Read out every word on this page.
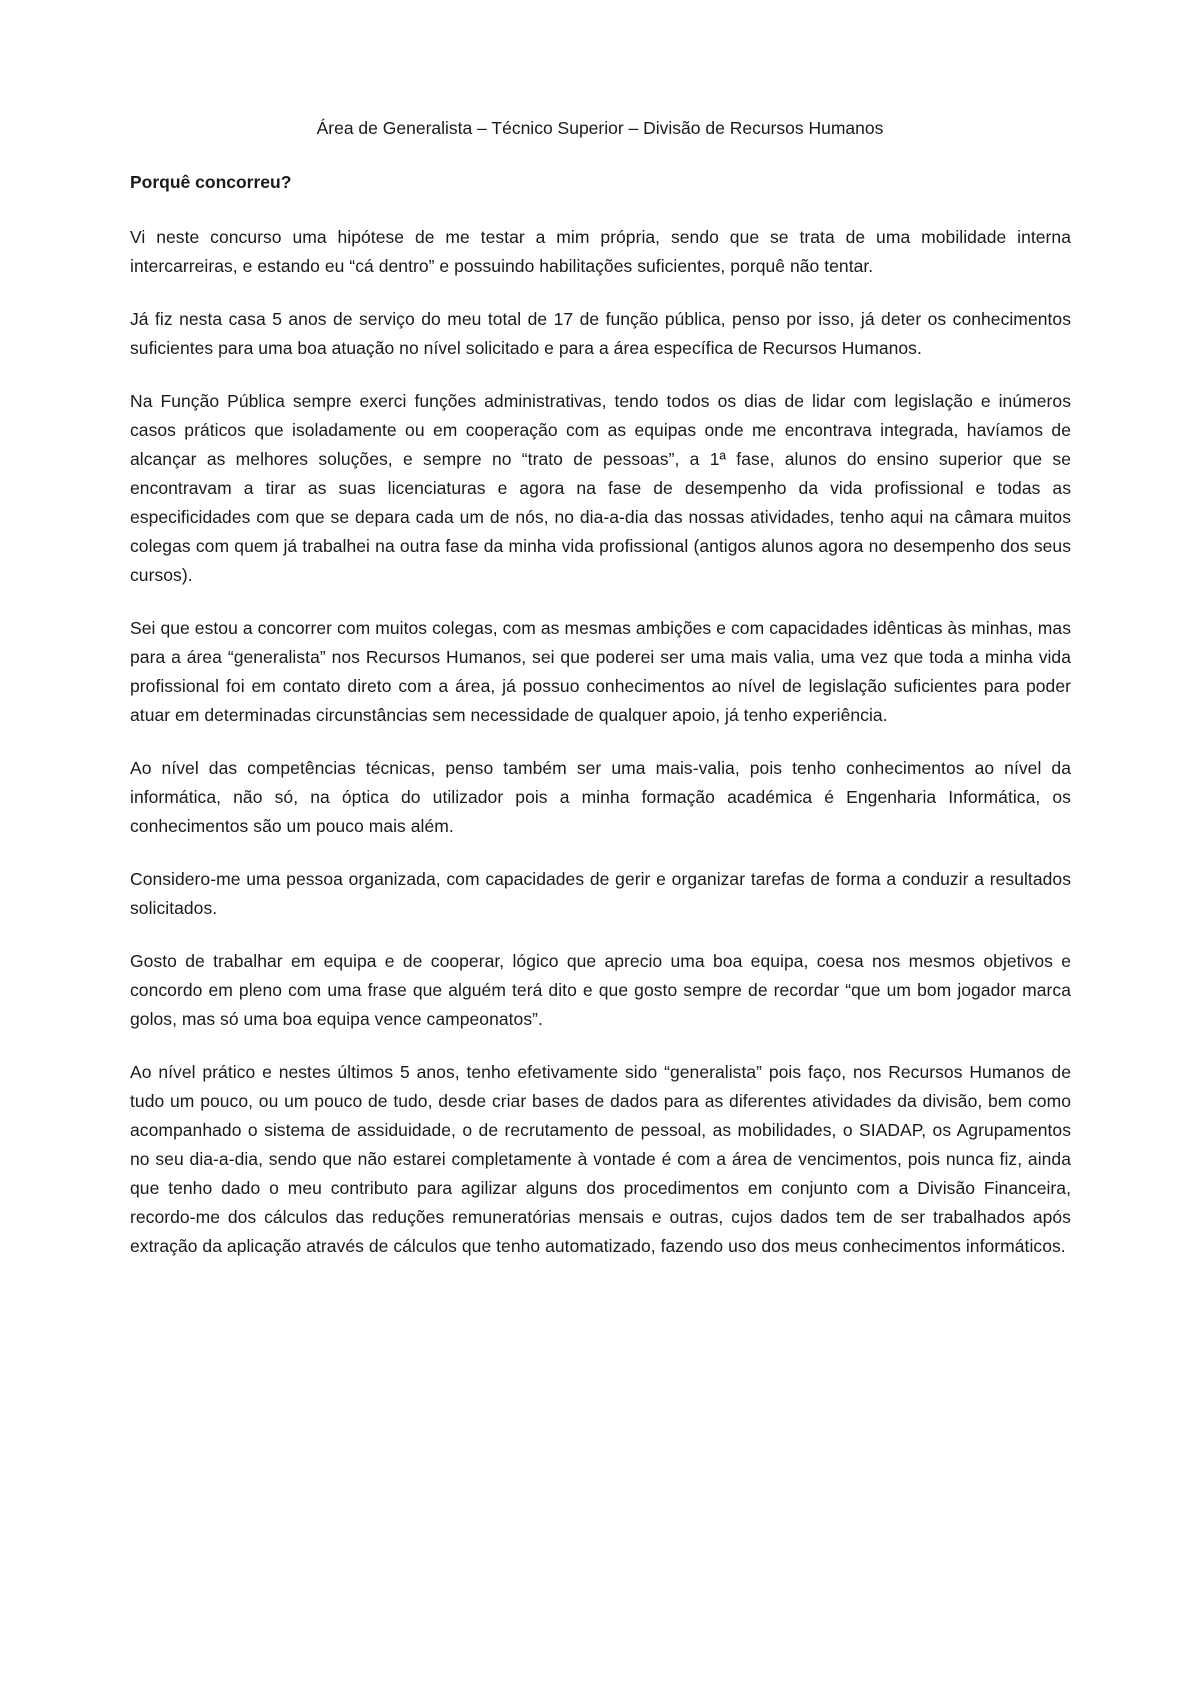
Área de Generalista – Técnico Superior – Divisão de Recursos Humanos

Porquê concorreu?

Vi neste concurso uma hipótese de me testar a mim própria, sendo que se trata de uma mobilidade interna intercarreiras, e estando eu “cá dentro” e possuindo habilitações suficientes, porquê não tentar.

Já fiz nesta casa 5 anos de serviço do meu total de 17 de função pública, penso por isso, já deter os conhecimentos suficientes para uma boa atuação no nível solicitado e para a área específica de Recursos Humanos.

Na Função Pública sempre exerci funções administrativas, tendo todos os dias de lidar com legislação e inúmeros casos práticos que isoladamente ou em cooperação com as equipas onde me encontrava integrada, havíamos de alcançar as melhores soluções, e sempre no “trato de pessoas”, a 1ª fase, alunos do ensino superior que se encontravam a tirar as suas licenciaturas e agora na fase de desempenho da vida profissional e todas as especificidades com que se depara cada um de nós, no dia-a-dia das nossas atividades, tenho aqui na câmara muitos colegas com quem já trabalhei na outra fase da minha vida profissional (antigos alunos agora no desempenho dos seus cursos).

Sei que estou a concorrer com muitos colegas, com as mesmas ambições e com capacidades idênticas às minhas, mas para a área “generalista” nos Recursos Humanos, sei que poderei ser uma mais valia, uma vez que toda a minha vida profissional foi em contato direto com a área, já possuo conhecimentos ao nível de legislação suficientes para poder atuar em determinadas circunstâncias sem necessidade de qualquer apoio, já tenho experiência.

Ao nível das competências técnicas, penso também ser uma mais-valia, pois tenho conhecimentos ao nível da informática, não só, na óptica do utilizador pois a minha formação académica é Engenharia Informática, os conhecimentos são um pouco mais além.

Considero-me uma pessoa organizada, com capacidades de gerir e organizar tarefas de forma a conduzir a resultados solicitados.

Gosto de trabalhar em equipa e de cooperar, lógico que aprecio uma boa equipa, coesa nos mesmos objetivos e concordo em pleno com uma frase que alguém terá dito e que gosto sempre de recordar “que um bom jogador marca golos, mas só uma boa equipa vence campeonatos”.

Ao nível prático e nestes últimos 5 anos, tenho efetivamente sido “generalista” pois faço, nos Recursos Humanos de tudo um pouco, ou um pouco de tudo, desde criar bases de dados para as diferentes atividades da divisão, bem como acompanhado o sistema de assiduidade, o de recrutamento de pessoal, as mobilidades, o SIADAP, os Agrupamentos no seu dia-a-dia, sendo que não estarei completamente à vontade é com a área de vencimentos, pois nunca fiz, ainda que tenho dado o meu contributo para agilizar alguns dos procedimentos em conjunto com a Divisão Financeira, recordo-me dos cálculos das reduções remuneratórias mensais e outras, cujos dados tem de ser trabalhados após extração da aplicação através de cálculos que tenho automatizado, fazendo uso dos meus conhecimentos informáticos.
